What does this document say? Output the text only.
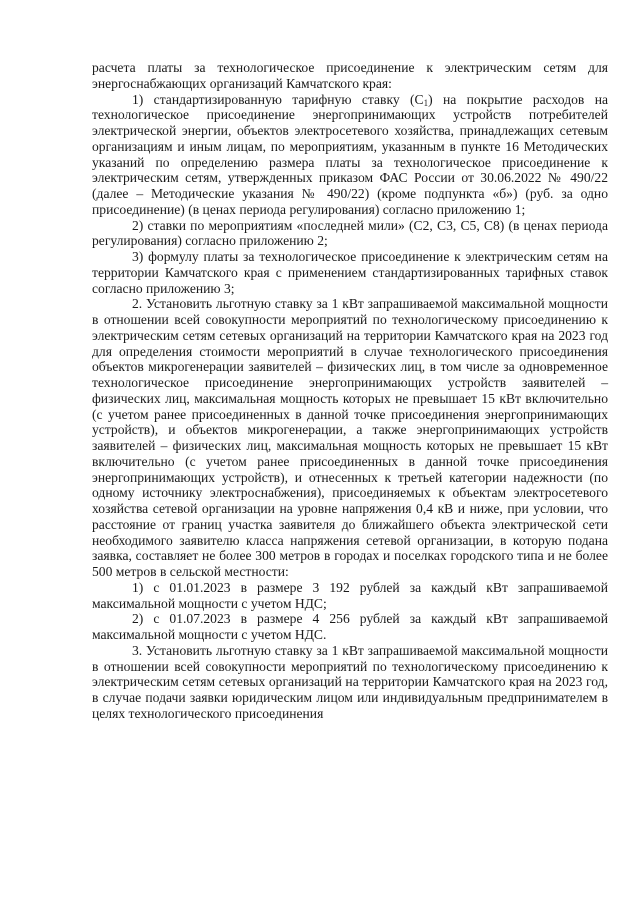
расчета платы за технологическое присоединение к электрическим сетям для энергоснабжающих организаций Камчатского края:

1) стандартизированную тарифную ставку $(С_1)$ на покрытие расходов на технологическое присоединение энергопринимающих устройств потребителей электрической энергии, объектов электросетевого хозяйства, принадлежащих сетевым организациям и иным лицам, по мероприятиям, указанным в пункте 16 Методических указаний по определению размера платы за технологическое присоединение к электрическим сетям, утвержденных приказом ФАС России от 30.06.2022 № 490/22 (далее – Методические указания № 490/22) (кроме подпункта «б») (руб. за одно присоединение) (в ценах периода регулирования) согласно приложению 1;

2) ставки по мероприятиям «последней мили» (С2, С3, С5, С8) (в ценах периода регулирования) согласно приложению 2;

3) формулу платы за технологическое присоединение к электрическим сетям на территории Камчатского края с применением стандартизированных тарифных ставок согласно приложению 3;

2. Установить льготную ставку за 1 кВт запрашиваемой максимальной мощности в отношении всей совокупности мероприятий по технологическому присоединению к электрическим сетям сетевых организаций на территории Камчатского края на 2023 год для определения стоимости мероприятий в случае технологического присоединения объектов микрогенерации заявителей – физических лиц, в том числе за одновременное технологическое присоединение энергопринимающих устройств заявителей – физических лиц, максимальная мощность которых не превышает 15 кВт включительно (с учетом ранее присоединенных в данной точке присоединения энергопринимающих устройств), и объектов микрогенерации, а также энергопринимающих устройств заявителей – физических лиц, максимальная мощность которых не превышает 15 кВт включительно (с учетом ранее присоединенных в данной точке присоединения энергопринимающих устройств), и отнесенных к третьей категории надежности (по одному источнику электроснабжения), присоединяемых к объектам электросетевого хозяйства сетевой организации на уровне напряжения 0,4 кВ и ниже, при условии, что расстояние от границ участка заявителя до ближайшего объекта электрической сети необходимого заявителю класса напряжения сетевой организации, в которую подана заявка, составляет не более 300 метров в городах и поселках городского типа и не более 500 метров в сельской местности:

1) с 01.01.2023 в размере 3 192 рублей за каждый кВт запрашиваемой максимальной мощности с учетом НДС;

2) с 01.07.2023 в размере 4 256 рублей за каждый кВт запрашиваемой максимальной мощности с учетом НДС.

3. Установить льготную ставку за 1 кВт запрашиваемой максимальной мощности в отношении всей совокупности мероприятий по технологическому присоединению к электрическим сетям сетевых организаций на территории Камчатского края на 2023 год, в случае подачи заявки юридическим лицом или индивидуальным предпринимателем в целях технологического присоединения
